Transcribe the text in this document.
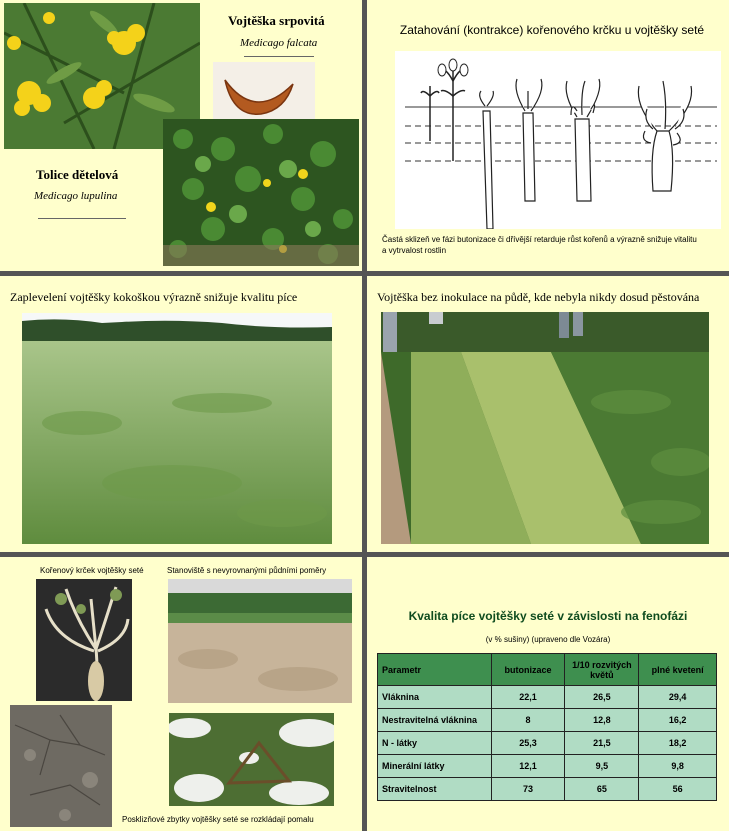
Vojtěška srpovitá
Medicago falcata
Tolice dětelová
Medicago lupulina
Zatahování (kontrakce) kořenového krčku u vojtěšky seté
Častá sklizeň ve fázi butonizace či dřívější retarduje růst kořenů a výrazně snižuje vitalitu a vytrvalost rostlin
Zaplevelení vojtěšky kokoškou výrazně snižuje kvalitu píce	Vojtěška bez inokulace na půdě, kde nebyla nikdy dosud pěstována
Kořenový krček vojtěšky seté	Stanoviště s nevyrovnanými půdními poměry
Posklizňové zbytky vojtěšky seté se rozkládají pomalu
Kvalita píce vojtěšky seté v závislosti na fenofázi
(v % sušiny) (upraveno dle Vozára)
Parametr	butonizace	1/10 rozvitých květů	plné kvetení
Vláknina	22,1	26,5	29,4
Nestravitelná vláknina	8	12,8	16,2
N - látky	25,3	21,5	18,2
Minerální látky	12,1	9,5	9,8
Stravitelnost	73	65	56
